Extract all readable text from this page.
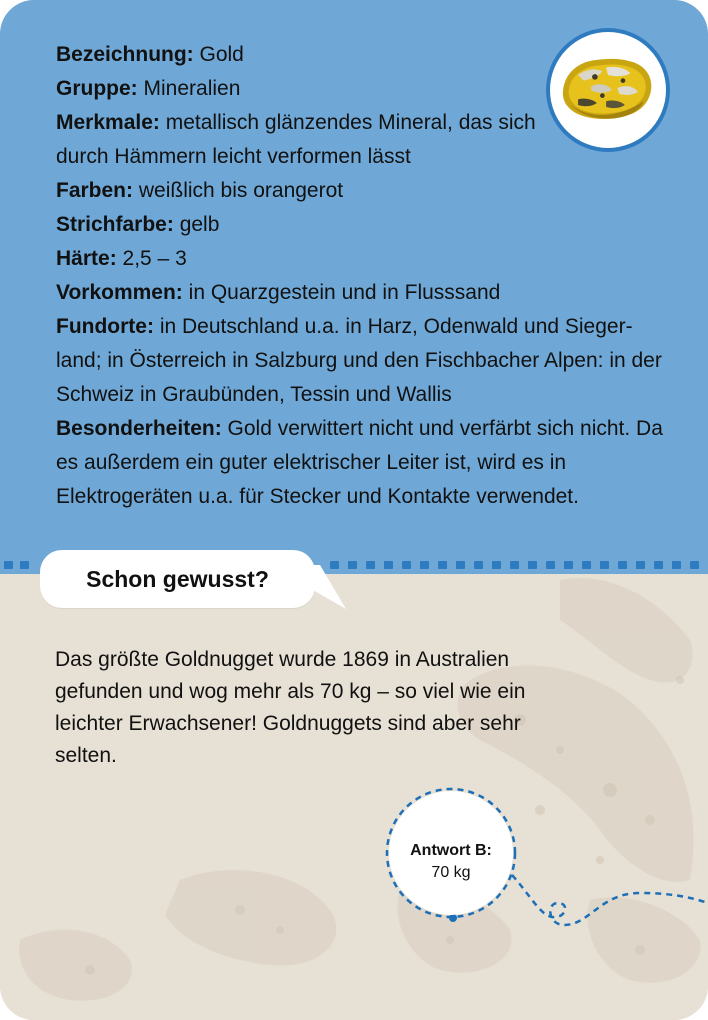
Bezeichnung: Gold

Gruppe: Mineralien

Merkmale: metallisch glänzendes Mineral, das sich durch Hämmern leicht verformen lässt

Farben: weißlich bis orangerot

Strichfarbe: gelb

Härte: 2,5 – 3

Vorkommen: in Quarzgestein und in Flusssand

Fundorte: in Deutschland u.a. in Harz, Odenwald und Sieger-land; in Österreich in Salzburg und den Fischbacher Alpen: in der Schweiz in Graubünden, Tessin und Wallis

Besonderheiten: Gold verwittert nicht und verfärbt sich nicht. Da es außerdem ein guter elektrischer Leiter ist, wird es in Elektrogeräten u.a. für Stecker und Kontakte verwendet.

Schon gewusst?
Das größte Goldnugget wurde 1869 in Australien gefunden und wog mehr als 70 kg – so viel wie ein leichter Erwachsener! Goldnuggets sind aber sehr selten.
Antwort B:
70 kg
